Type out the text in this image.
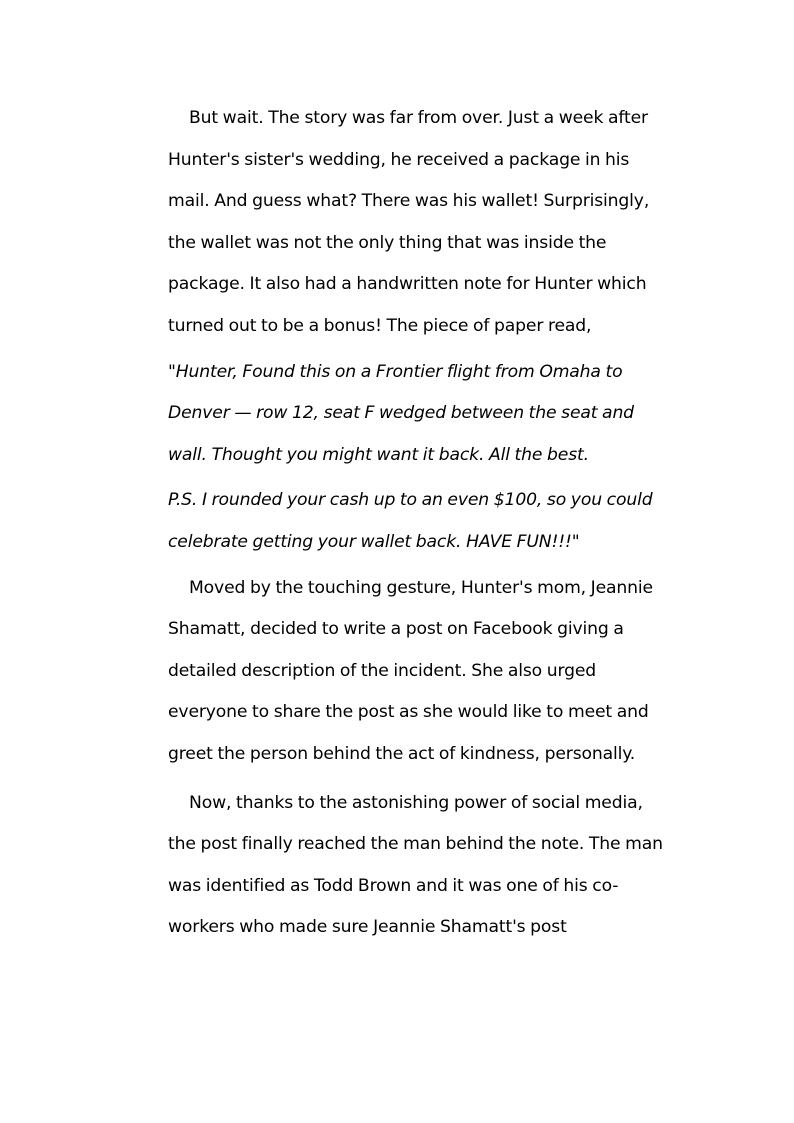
But wait. The story was far from over. Just a week after Hunter's sister's wedding, he received a package in his mail. And guess what? There was his wallet! Surprisingly, the wallet was not the only thing that was inside the package. It also had a handwritten note for Hunter which turned out to be a bonus! The piece of paper read,

"Hunter, Found this on a Frontier flight from Omaha to Denver — row 12, seat F wedged between the seat and wall. Thought you might want it back. All the best.

P.S. I rounded your cash up to an even $100, so you could celebrate getting your wallet back. HAVE FUN!!!"

Moved by the touching gesture, Hunter's mom, Jeannie Shamatt, decided to write a post on Facebook giving a detailed description of the incident. She also urged everyone to share the post as she would like to meet and greet the person behind the act of kindness, personally.

Now, thanks to the astonishing power of social media, the post finally reached the man behind the note. The man was identified as Todd Brown and it was one of his co-workers who made sure Jeannie Shamatt's post
